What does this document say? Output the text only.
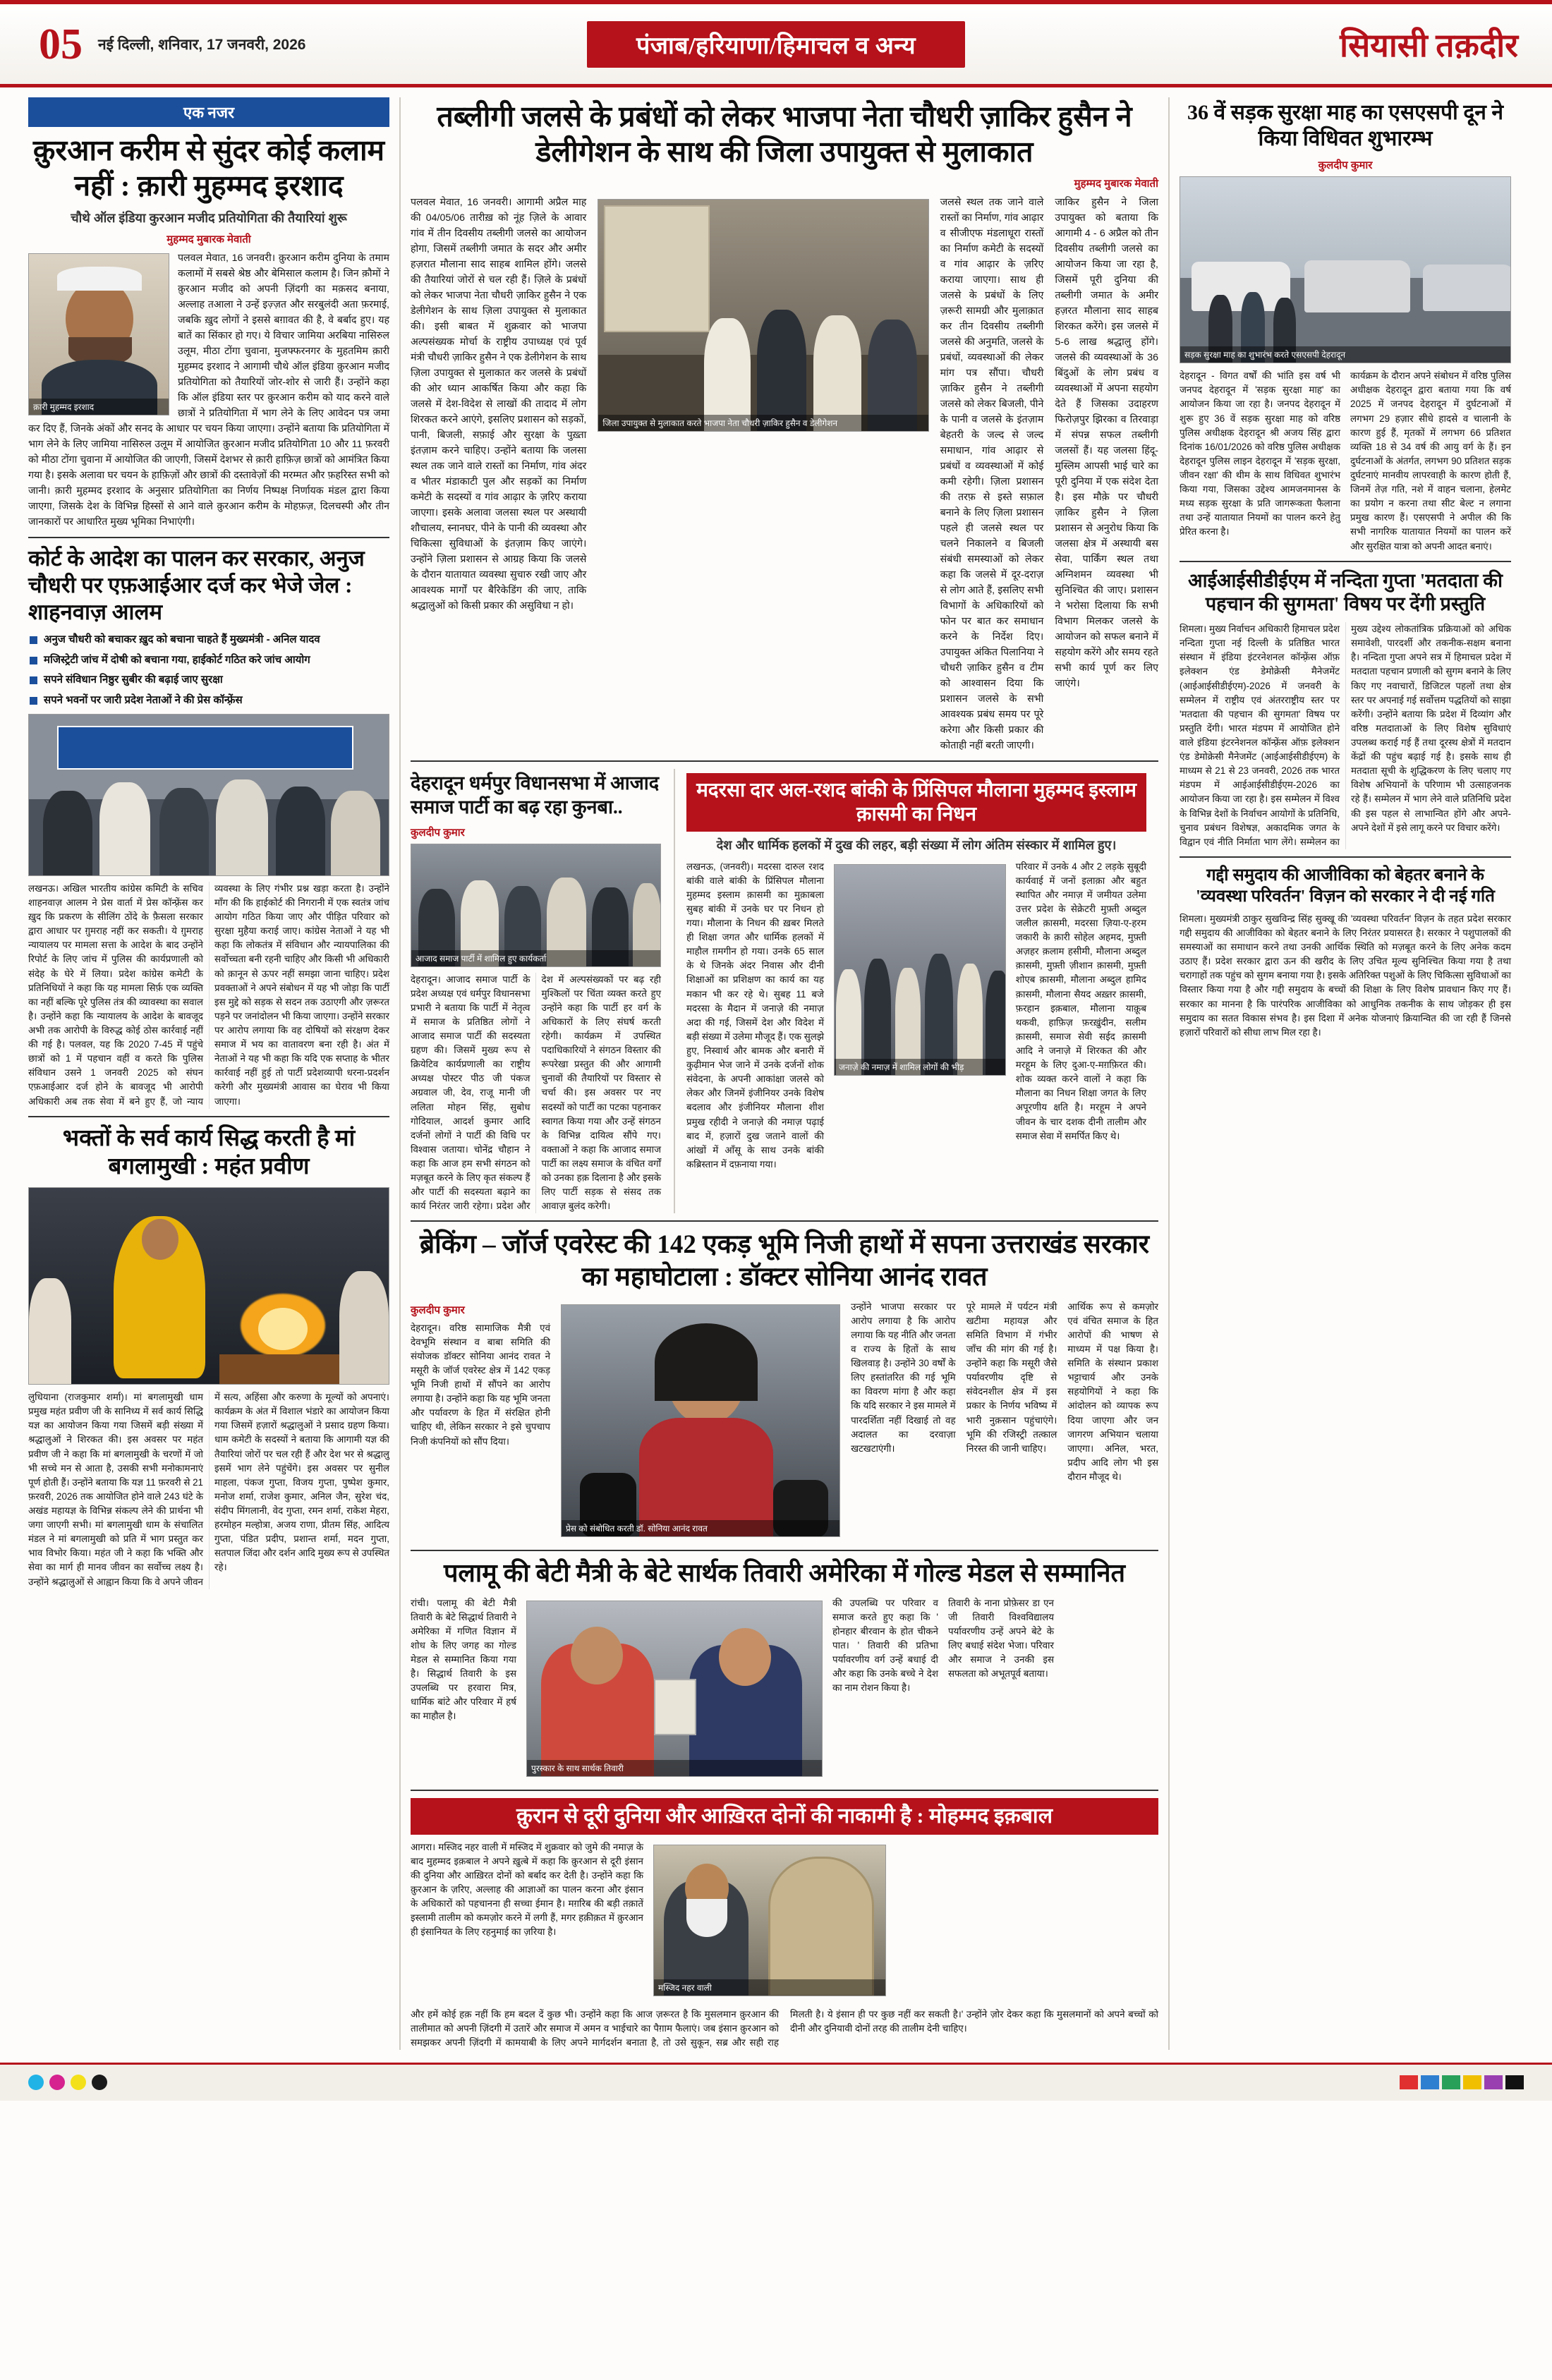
05 नई दिल्ली, शनिवार, 17 जनवरी, 2026	पंजाब/हरियाणा/हिमाचल व अन्य	सियासी तक़दीर
एक नजर
क़ुरआन करीम से सुंदर कोई कलाम नहीं : क़ारी मुहम्मद इरशाद
चौथे ऑल इंडिया कुरआन मजीद प्रतियोगिता की तैयारियां शुरू
मुहम्मद मुबारक मेवाती
क़ारी मुहम्मद इरशाद
पलवल मेवात, 16 जनवरी। क़ुरआन करीम दुनिया के तमाम कलामों में सबसे श्रेष्ठ और बेमिसाल कलाम है। जिन क़ौमों ने क़ुरआन मजीद को अपनी ज़िंदगी का मक़सद बनाया, अल्लाह तआला ने उन्हें इज़्ज़त और सरबुलंदी अता फ़रमाई, जबकि ख़ुद लोगों ने इससे बग़ावत की है, वे बर्बाद हुए। यह बातें का सिंकार हो गए। ये विचार जामिया अरबिया नासिरुल उलूम, मीठा टोंगा चुवाना, मुजफ्फरनगर के मुहतमिम क़ारी मुहम्मद इरशाद ने आगामी चौथे ऑल इंडिया क़ुरआन मजीद प्रतियोगिता को तैयारियों जोर-शोर से जारी हैं। उन्होंने कहा कि ऑल इंडिया स्तर पर क़ुरआन करीम को याद करने वाले छात्रों ने प्रतियोगिता में भाग लेने के लिए आवेदन पत्र जमा कर दिए हैं, जिनके अंकों और सनद के आधार पर चयन किया जाएगा। उन्होंने बताया कि प्रतियोगिता में भाग लेने के लिए जामिया नासिरुल उलूम में आयोजित क़ुरआन मजीद प्रतियोगिता 10 और 11 फ़रवरी को मीठा टोंगा चुवाना में आयोजित की जाएगी, जिसमें देशभर से क़ारी हाफ़िज़ छात्रों को आमंत्रित किया गया है। इसके अलावा घर चयन के हाफ़िज़ों और छात्रों की दस्तावेज़ों की मरम्मत और फ़हरिस्त सभी को जानी। क़ारी मुहम्मद इरशाद के अनुसार प्रतियोगिता का निर्णय निष्पक्ष निर्णायक मंडल द्वारा किया जाएगा, जिसके देश के विभिन्न हिस्सों से आने वाले क़ुरआन करीम के मोहफ़ज़, दिलचस्पी और तीन जानकारों पर आधारित मुख्य भूमिका निभाएंगी।
कोर्ट के आदेश का पालन कर सरकार, अनुज चौधरी पर एफ़आईआर दर्ज कर भेजे जेल : शाहनवाज़ आलम
अनुज चौधरी को बचाकर ख़ुद को बचाना चाहते हैं मुख्यमंत्री - अनिल यादव
मजिस्ट्रेटी जांच में दोषी को बचाना गया, हाईकोर्ट गठित करे जांच आयोग
सपने संविधान निष्ठुर सुबीर की बढ़ाई जाए सुरक्षा
सपने भवनों पर जारी प्रदेश नेताओं ने की प्रेस कॉन्फ़्रेंस
लखनऊ। अखिल भारतीय कांग्रेस कमिटी के सचिव शाहनवाज़ आलम ने प्रेस वार्ता में प्रेस कॉन्फ़्रेंस कर ख़ुद कि प्रकरण के सीलिंग ठोंदे के फ़ैसला सरकार द्वारा आधार पर ग़ुमराह नहीं कर सकती। ये ग़ुमराह न्यायालय पर मामला सत्ता के आदेश के बाद उन्होंने रिपोर्ट के लिए जांच में पुलिस की कार्यप्रणाली को संदेह के घेरे में लिया। प्रदेश कांग्रेस कमेटी के प्रतिनिधियों ने कहा कि यह मामला सिर्फ़ एक व्यक्ति का नहीं बल्कि पूरे पुलिस तंत्र की व्यावस्था का सवाल है। उन्होंने कहा कि न्यायालय के आदेश के बावजूद अभी तक आरोपी के विरुद्ध कोई ठोस कार्रवाई नहीं की गई है। पलवल, यह कि 2020 7-45 में पहुंचे छात्रों को 1 में पहचान वहीं व करते कि पुलिस संविधान उसने 1 जनवरी 2025 को संघन एफ़आईआर दर्ज होने के बावजूद भी आरोपी अधिकारी अब तक सेवा में बने हुए हैं, जो न्याय व्यवस्था के लिए गंभीर प्रश्न खड़ा करता है। उन्होंने माँग की कि हाईकोर्ट की निगरानी में एक स्वतंत्र जांच आयोग गठित किया जाए और पीड़ित परिवार को सुरक्षा मुहैया कराई जाए। कांग्रेस नेताओं ने यह भी कहा कि लोकतंत्र में संविधान और न्यायपालिका की सर्वोच्चता बनी रहनी चाहिए और किसी भी अधिकारी को क़ानून से ऊपर नहीं समझा जाना चाहिए। प्रदेश प्रवक्ताओं ने अपने संबोधन में यह भी जोड़ा कि पार्टी इस मुद्दे को सड़क से सदन तक उठाएगी और ज़रूरत पड़ने पर जनांदोलन भी किया जाएगा। उन्होंने सरकार पर आरोप लगाया कि वह दोषियों को संरक्षण देकर समाज में भय का वातावरण बना रही है। अंत में नेताओं ने यह भी कहा कि यदि एक सप्ताह के भीतर कार्रवाई नहीं हुई तो पार्टी प्रदेशव्यापी धरना-प्रदर्शन करेगी और मुख्यमंत्री आवास का घेराव भी किया जाएगा।
भक्तों के सर्व कार्य सिद्ध करती है मां बगलामुखी : महंत प्रवीण
लुधियाना (राजकुमार शर्मा)। मां बगलामुखी धाम प्रमुख महंत प्रवीण जी के सानिध्य में सर्व कार्य सिद्धि यज्ञ का आयोजन किया गया जिसमें बड़ी संख्या में श्रद्धालुओं ने शिरकत की। इस अवसर पर महंत प्रवीण जी ने कहा कि मां बगलामुखी के चरणों में जो भी सच्चे मन से आता है, उसकी सभी मनोकामनाएं पूर्ण होती हैं। उन्होंने बताया कि यज्ञ 11 फ़रवरी से 21 फ़रवरी, 2026 तक आयोजित होने वाले 243 घंटे के अखंड महायज्ञ के विभिन्न संकल्प लेने की प्रार्थना भी जगा जाएगी सभी। मां बगलामुखी धाम के संचालित मंडल ने मां बगलामुखी को प्रति में भाग प्रस्तुत कर भाव विभोर किया। महंत जी ने कहा कि भक्ति और सेवा का मार्ग ही मानव जीवन का सर्वोच्च लक्ष्य है। उन्होंने श्रद्धालुओं से आह्वान किया कि वे अपने जीवन में सत्य, अहिंसा और करुणा के मूल्यों को अपनाएं। कार्यक्रम के अंत में विशाल भंडारे का आयोजन किया गया जिसमें हज़ारों श्रद्धालुओं ने प्रसाद ग्रहण किया। धाम कमेटी के सदस्यों ने बताया कि आगामी यज्ञ की तैयारियां जोरों पर चल रही हैं और देश भर से श्रद्धालु इसमें भाग लेने पहुंचेंगे। इस अवसर पर सुनील माहला, पंकज गुप्ता, विजय गुप्ता, पुष्पेश कुमार, मनोज शर्मा, राजेश कुमार, अनिल जैन, सुरेश चंद, संदीप मिंगलानी, वेद गुप्ता, रमन शर्मा, राकेश मेहरा, हरमोहन मल्होत्रा, अजय राणा, प्रीतम सिंह, आदित्य गुप्ता, पंडित प्रदीप, प्रशान्त शर्मा, मदन गुप्ता, सतपाल जिंदा और दर्शन आदि मुख्य रूप से उपस्थित रहे।
तब्लीगी जलसे के प्रबंधों को लेकर भाजपा नेता चौधरी ज़ाकिर हुसैन ने डेलीगेशन के साथ की जिला उपायुक्त से मुलाकात
मुहम्मद मुबारक मेवाती
पलवल मेवात, 16 जनवरी। आगामी अप्रैल माह की 04/05/06 तारीख़ को नूंह ज़िले के आवार गांव में तीन दिवसीय तब्लीगी जलसे का आयोजन होगा, जिसमें तब्लीगी जमात के सदर और अमीर हज़रात मौलाना साद साहब शामिल होंगे। जलसे की तैयारियां जोरों से चल रही हैं। ज़िले के प्रबंधों को लेकर भाजपा नेता चौधरी ज़ाकिर हुसैन ने एक डेलीगेशन के साथ ज़िला उपायुक्त से मुलाकात की। इसी बाबत में शुक्रवार को भाजपा अल्पसंख्यक मोर्चा के राष्ट्रीय उपाध्यक्ष एवं पूर्व मंत्री चौधरी ज़ाकिर हुसैन ने एक डेलीगेशन के साथ ज़िला उपायुक्त से मुलाकात कर जलसे के प्रबंधों की ओर ध्यान आकर्षित किया और कहा कि जलसे में देश-विदेश से लाखों की तादाद में लोग शिरकत करने आएंगे, इसलिए प्रशासन को सड़कों, पानी, बिजली, सफ़ाई और सुरक्षा के पुख़्ता इंतज़ाम करने चाहिए। उन्होंने बताया कि जलसा स्थल तक जाने वाले रास्तों का निर्माण, गांव अंदर व भीतर मंडाकाटी पुल और सड़कों का निर्माण कमेटी के सदस्यों व गांव आढ़ार के ज़रिए कराया जाएगा। इसके अलावा जलसा स्थल पर अस्थायी शौचालय, स्नानघर, पीने के पानी की व्यवस्था और चिकित्सा सुविधाओं के इंतज़ाम किए जाएंगे। उन्होंने ज़िला प्रशासन से आग्रह किया कि जलसे के दौरान यातायात व्यवस्था सुचारु रखी जाए और आवश्यक मार्गों पर बैरिकेडिंग की जाए, ताकि श्रद्धालुओं को किसी प्रकार की असुविधा न हो।
जिला उपायुक्त से मुलाकात करते भाजपा नेता चौधरी ज़ाकिर हुसैन व डेलीगेशन
जलसे स्थल तक जाने वाले रास्तों का निर्माण, गांव आढ़ार व सीजीएफ मंडलाधूरा रास्तों का निर्माण कमेटी के सदस्यों व गांव आढ़ार के ज़रिए कराया जाएगा। साथ ही जलसे के प्रबंधों के लिए ज़रूरी सामग्री और मुलाक़ात कर तीन दिवसीय तब्लीगी जलसे की अनुमति, जलसे के प्रबंधों, व्यवस्थाओं की लेकर मांग पत्र सौंपा। चौधरी ज़ाकिर हुसैन ने तब्लीगी जलसे को लेकर बिजली, पीने के पानी व जलसे के इंतज़ाम बेहतरी के जल्द से जल्द समाधान, गांव आढ़ार से प्रबंधों व व्यवस्थाओं में कोई कमी रहेगी। ज़िला प्रशासन की तरफ़ से इस्ते सफ़ाल बनाने के लिए ज़िला प्रशासन पहले ही जलसे स्थल पर चलने निकालने व बिजली संबंधी समस्याओं को लेकर कहा कि जलसे में दूर-दराज़ से लोग आते हैं, इसलिए सभी विभागों के अधिकारियों को फोन पर बात कर समाधान करने के निर्देश दिए। उपायुक्त अंकित पिलानिया ने चौधरी ज़ाकिर हुसैन व टीम को आश्वासन दिया कि प्रशासन जलसे के सभी आवश्यक प्रबंध समय पर पूरे करेगा और किसी प्रकार की कोताही नहीं बरती जाएगी।
जाकिर हुसैन ने जिला उपायुक्त को बताया कि आगामी 4 - 6 अप्रैल को तीन दिवसीय तब्लीगी जलसे का आयोजन किया जा रहा है, जिसमें पूरी दुनिया की तब्लीगी जमात के अमीर हज़रत मौलाना साद साहब शिरकत करेंगे। इस जलसे में 5-6 लाख श्रद्धालु होंगे। जलसे की व्यवस्थाओं के 36 बिंदुओं के लोग प्रबंध व व्यवस्थाओं में अपना सहयोग देते हैं जिसका उदाहरण फिरोज़पुर झिरका व तिरवाड़ा में संपन्न सफल तब्लीगी जलसों हैं। यह जलसा हिंदू-मुस्लिम आपसी भाई चारे का पूरी दुनिया में एक संदेश देता है। इस मौक़े पर चौधरी ज़ाकिर हुसैन ने ज़िला प्रशासन से अनुरोध किया कि जलसा क्षेत्र में अस्थायी बस सेवा, पार्किंग स्थल तथा अग्निशमन व्यवस्था भी सुनिश्चित की जाए। प्रशासन ने भरोसा दिलाया कि सभी विभाग मिलकर जलसे के आयोजन को सफल बनाने में सहयोग करेंगे और समय रहते सभी कार्य पूर्ण कर लिए जाएंगे।
देहरादून धर्मपुर विधानसभा में आजाद समाज पार्टी का बढ़ रहा कुनबा..
कुलदीप कुमार
आजाद समाज पार्टी में शामिल हुए कार्यकर्ता
देहरादून। आजाद समाज पार्टी के प्रदेश अध्यक्ष एवं धर्मपुर विधानसभा प्रभारी ने बताया कि पार्टी में नेतृत्व में समाज के प्रतिष्ठित लोगों ने आजाद समाज पार्टी की सदस्यता ग्रहण की। जिसमें मुख्य रूप से क्रियेटिव कार्यप्रणाली का राष्ट्रीय अध्यक्ष पोस्टर पीठ जी पंकज अग्रवाल जी, देव, राजू मानी जी ललिता मोहन सिंह, सुबोध गोदियाल, आदर्श कुमार आदि दर्जनों लोगों ने पार्टी की विधि पर विश्वास जताया। चोनेंद्र चौहान ने कहा कि आज हम सभी संगठन को मज़बूत करने के लिए कृत संकल्प हैं और पार्टी की सदस्यता बढ़ाने का कार्य निरंतर जारी रहेगा। प्रदेश और देश में अल्पसंख्यकों पर बढ़ रही मुश्किलों पर चिंता व्यक्त करते हुए उन्होंने कहा कि पार्टी हर वर्ग के अधिकारों के लिए संघर्ष करती रहेगी। कार्यक्रम में उपस्थित पदाधिकारियों ने संगठन विस्तार की रूपरेखा प्रस्तुत की और आगामी चुनावों की तैयारियों पर विस्तार से चर्चा की। इस अवसर पर नए सदस्यों को पार्टी का पटका पहनाकर स्वागत किया गया और उन्हें संगठन के विभिन्न दायित्व सौंपे गए। वक्ताओं ने कहा कि आजाद समाज पार्टी का लक्ष्य समाज के वंचित वर्गों को उनका हक़ दिलाना है और इसके लिए पार्टी सड़क से संसद तक आवाज़ बुलंद करेगी।
मदरसा दार अल-रशद बांकी के प्रिंसिपल मौलाना मुहम्मद इस्लाम क़ासमी का निधन
देश और धार्मिक हलकों में दुख की लहर, बड़ी संख्या में लोग अंतिम संस्कार में शामिल हुए।
लखनऊ, (जनवरी)। मदरसा दारुल रशद बांकी वाले बांकी के प्रिंसिपल मौलाना मुहम्मद इस्लाम क़ासमी का मुक़ाबला सुबह बांकी में उनके घर पर निधन हो गया। मौलाना के निधन की ख़बर मिलते ही शिक्षा जगत और धार्मिक हलकों में माहौल ग़मगीन हो गया। उनके 65 साल के थे जिनके अंदर निवास और दीनी शिक्षाओं का प्रशिक्षण का कार्य का यह मकान भी कर रहे थे। सुबह 11 बजे मदरसा के मैदान में जनाज़े की नमाज़ अदा की गई, जिसमें देश और विदेश में बड़ी संख्या में उलेमा मौजूद हैं। एक सुलझे हुए, निस्वार्थ और बामक और बनारी में कुढ़ीमान भेज जाने में उनके दर्जनों शोक संवेदना, के अपनी आकांक्षा जलसे को लेकर और जिनमें इंजीनियर उनके विशेष बदलाव और इंजीनियर मौलाना शीश प्रमुख रहीदी ने जनाज़े की नमाज़ पढ़ाई बाद में, हज़ारों दुख जताने वालों की आंखों में आँसू के साथ उनके बांकी कब्रिस्तान में दफ़नाया गया।
जनाज़े की नमाज़ में शामिल लोगों की भीड़
परिवार में उनके 4 और 2 लड़के सुबूदी कार्यवाई में जनों इलाक़ा और बहुत स्थापित और नमाज़ में जमीयत उलेमा उत्तर प्रदेश के सेक्रेटरी मुफ़्ती अब्दुल जलील क़ासमी, मदरसा ज़िया-ए-हरम जकारी के क़ारी सोहेल अहमद, मुफ़्ती अज़हर क़लाम हसीमी, मौलाना अब्दुल क़ासमी, मुफ़्ती ज़ीशान क़ासमी, मुफ़्ती शोएब क़ासमी, मौलाना अब्दुल हामिद क़ासमी, मौलाना सैयद अख़्तर क़ासमी, फ़रहान इक़बाल, मौलाना याक़ूब थकवी, हाफ़िज़ फ़रख़ुंदीन, सलीम क़ासमी, समाज सेवी सईद क़ासमी आदि ने जनाज़े में शिरकत की और मरहूम के लिए दुआ-ए-मग़फ़िरत की। शोक व्यक्त करने वालों ने कहा कि मौलाना का निधन शिक्षा जगत के लिए अपूरणीय क्षति है। मरहूम ने अपने जीवन के चार दशक दीनी तालीम और समाज सेवा में समर्पित किए थे।
ब्रेकिंग – जॉर्ज एवरेस्ट की 142 एकड़ भूमि निजी हाथों में सपना उत्तराखंड सरकार का महाघोटाला : डॉक्टर सोनिया आनंद रावत
कुलदीप कुमार
देहरादून। वरिष्ठ सामाजिक मैत्री एवं देवभूमि संस्थान व बाबा समिति की संयोजक डॉक्टर सोनिया आनंद रावत ने मसूरी के जॉर्ज एवरेस्ट क्षेत्र में 142 एकड़ भूमि निजी हाथों में सौंपने का आरोप लगाया है। उन्होंने कहा कि यह भूमि जनता और पर्यावरण के हित में संरक्षित होनी चाहिए थी, लेकिन सरकार ने इसे चुपचाप निजी कंपनियों को सौंप दिया।
प्रेस को संबोधित करती डॉ. सोनिया आनंद रावत
उन्होंने भाजपा सरकार पर आरोप लगाया है कि आरोप लगाया कि यह नीति और जनता व राज्य के हितों के साथ खिलवाड़ है। उन्होंने 30 वर्षों के लिए हस्तांतरित की गई भूमि का विवरण मांगा है और कहा कि यदि सरकार ने इस मामले में पारदर्शिता नहीं दिखाई तो वह अदालत का दरवाज़ा खटखटाएंगी।
पूरे मामले में पर्यटन मंत्री खटीमा महायज्ञ और समिति विभाग में गंभीर जाँच की मांग की गई है। उन्होंने कहा कि मसूरी जैसे पर्यावरणीय दृष्टि से संवेदनशील क्षेत्र में इस प्रकार के निर्णय भविष्य में भारी नुक़सान पहुंचाएंगे। भूमि की रजिस्ट्री तत्काल निरस्त की जानी चाहिए।
आर्थिक रूप से कमज़ोर एवं वंचित समाज के हित आरोपों की भाषण से माध्यम में पक्ष किया है। समिति के संस्थान प्रकाश भट्टाचार्य और उनके सहयोगियों ने कहा कि आंदोलन को व्यापक रूप दिया जाएगा और जन जागरण अभियान चलाया जाएगा। अनिल, भरत, प्रदीप आदि लोग भी इस दौरान मौजूद थे।
पलामू की बेटी मैत्री के बेटे सार्थक तिवारी अमेरिका में गोल्ड मेडल से सम्मानित
रांची। पलामू की बेटी मैत्री तिवारी के बेटे सिद्धार्थ तिवारी ने अमेरिका में गणित विज्ञान में शोध के लिए जगह का गोल्ड मेडल से सम्मानित किया गया है। सिद्धार्थ तिवारी के इस उपलब्धि पर हरवारा मित्र, धार्मिक बांटे और परिवार में हर्ष का माहौल है।
पुरस्कार के साथ सार्थक तिवारी
की उपलब्धि पर परिवार व समाज करते हुए कहा कि ' होनहार बीरवान के होत चीकने पात। ' तिवारी की प्रतिभा पर्यावरणीय वर्ग उन्हें बधाई दी और कहा कि उनके बच्चे ने देश का नाम रोशन किया है।
तिवारी के नाना प्रोफ़ेसर डा एन जी तिवारी विश्वविद्यालय पर्यावरणीय उन्हें अपने बेटे के लिए बधाई संदेश भेजा। परिवार और समाज ने उनकी इस सफलता को अभूतपूर्व बताया।
क़ुरान से दूरी दुनिया और आख़िरत दोनों की नाकामी है : मोहम्मद इक़बाल
आगरा। मस्जिद नहर वाली में मस्जिद में शुक्रवार को जुमे की नमाज़ के बाद मुहम्मद इक़बाल ने अपने ख़ुत्बे में कहा कि क़ुरआन से दूरी इंसान की दुनिया और आख़िरत दोनों को बर्बाद कर देती है। उन्होंने कहा कि क़ुरआन के ज़रिए, अल्लाह की आज्ञाओं का पालन करना और इंसान के अधिकारों को पहचानना ही सच्चा ईमान है। मग़रिब की बड़ी तक़ातें इस्लामी तालीम को कमज़ोर करने में लगी हैं, मगर हक़ीक़त में क़ुरआन ही इंसानियत के लिए रहनुमाई का ज़रिया है।
मस्जिद नहर वाली
और हमें कोई हक़ नहीं कि हम बदल दें कुछ भी। उन्होंने कहा कि आज ज़रूरत है कि मुसलमान क़ुरआन की तालीमात को अपनी ज़िंदगी में उतारें और समाज में अमन व भाईचारे का पैग़ाम फैलाएं। जब इंसान क़ुरआन को समझकर अपनी ज़िंदगी में कामयाबी के लिए अपने मार्गदर्शन बनाता है, तो उसे सुकून, सब्र और सही राह मिलती है। ये इंसान ही पर कुछ नहीं कर सकती है।' उन्होंने ज़ोर देकर कहा कि मुसलमानों को अपने बच्चों को दीनी और दुनियावी दोनों तरह की तालीम देनी चाहिए।
36 वें सड़क सुरक्षा माह का एसएसपी दून ने किया विधिवत शुभारम्भ
कुलदीप कुमार
सड़क सुरक्षा माह का शुभारंभ करते एसएसपी देहरादून
देहरादून - विगत वर्षों की भांति इस वर्ष भी जनपद देहरादून में 'सड़क सुरक्षा माह' का आयोजन किया जा रहा है। जनपद देहरादून में शुरू हुए 36 वें सड़क सुरक्षा माह को वरिष्ठ पुलिस अधीक्षक देहरादून श्री अजय सिंह द्वारा दिनांक 16/01/2026 को वरिष्ठ पुलिस अधीक्षक देहरादून पुलिस लाइन देहरादून में 'सड़क सुरक्षा, जीवन रक्षा' की थीम के साथ विधिवत शुभारंभ किया गया, जिसका उद्देश्य आमजनमानस के मध्य सड़क सुरक्षा के प्रति जागरूकता फैलाना तथा उन्हें यातायात नियमों का पालन करने हेतु प्रेरित करना है।
कार्यक्रम के दौरान अपने संबोधन में वरिष्ठ पुलिस अधीक्षक देहरादून द्वारा बताया गया कि वर्ष 2025 में जनपद देहरादून में दुर्घटनाओं में लगभग 29 हज़ार सीधे हादसे व चालानी के कारण हुई हैं, मृतकों में लगभग 66 प्रतिशत व्यक्ति 18 से 34 वर्ष की आयु वर्ग के हैं। इन दुर्घटनाओं के अंतर्गत, लगभग 90 प्रतिशत सड़क दुर्घटनाएं मानवीय लापरवाही के कारण होती हैं, जिनमें तेज़ गति, नशे में वाहन चलाना, हेलमेट का प्रयोग न करना तथा सीट बेल्ट न लगाना प्रमुख कारण हैं। एसएसपी ने अपील की कि सभी नागरिक यातायात नियमों का पालन करें और सुरक्षित यात्रा को अपनी आदत बनाएं।
आईआईसीडीईएम में नन्दिता गुप्ता 'मतदाता की पहचान की सुगमता' विषय पर देंगी प्रस्तुति
शिमला। मुख्य निर्वाचन अधिकारी हिमाचल प्रदेश नन्दिता गुप्ता नई दिल्ली के प्रतिष्ठित भारत संस्थान में इंडिया इंटरनेशनल कॉन्फ़्रेंस ऑफ़ इलेक्शन एंड डेमोक्रेसी मैनेजमेंट (आईआईसीडीईएम)-2026 में जनवरी के सम्मेलन में राष्ट्रीय एवं अंतरराष्ट्रीय स्तर पर 'मतदाता की पहचान की सुगमता' विषय पर प्रस्तुति देंगी। भारत मंडपम में आयोजित होने वाले इंडिया इंटरनेशनल कॉन्फ़्रेंस ऑफ़ इलेक्शन एंड डेमोक्रेसी मैनेजमेंट (आईआईसीडीईएम) के माध्यम से 21 से 23 जनवरी, 2026 तक भारत मंडपम में आईआईसीडीईएम-2026 का आयोजन किया जा रहा है। इस सम्मेलन में विश्व के विभिन्न देशों के निर्वाचन आयोगों के प्रतिनिधि, चुनाव प्रबंधन विशेषज्ञ, अकादमिक जगत के विद्वान एवं नीति निर्माता भाग लेंगे। सम्मेलन का मुख्य उद्देश्य लोकतांत्रिक प्रक्रियाओं को अधिक समावेशी, पारदर्शी और तकनीक-सक्षम बनाना है। नन्दिता गुप्ता अपने सत्र में हिमाचल प्रदेश में मतदाता पहचान प्रणाली को सुगम बनाने के लिए किए गए नवाचारों, डिजिटल पहलों तथा क्षेत्र स्तर पर अपनाई गई सर्वोत्तम पद्धतियों को साझा करेंगी। उन्होंने बताया कि प्रदेश में दिव्यांग और वरिष्ठ मतदाताओं के लिए विशेष सुविधाएं उपलब्ध कराई गई हैं तथा दूरस्थ क्षेत्रों में मतदान केंद्रों की पहुंच बढ़ाई गई है। इसके साथ ही मतदाता सूची के शुद्धिकरण के लिए चलाए गए विशेष अभियानों के परिणाम भी उत्साहजनक रहे हैं। सम्मेलन में भाग लेने वाले प्रतिनिधि प्रदेश की इस पहल से लाभान्वित होंगे और अपने-अपने देशों में इसे लागू करने पर विचार करेंगे।
गद्दी समुदाय की आजीविका को बेहतर बनाने के 'व्यवस्था परिवर्तन' विज़न को सरकार ने दी नई गति
शिमला। मुख्यमंत्री ठाकुर सुखविन्द्र सिंह सुक्खू की 'व्यवस्था परिवर्तन' विज़न के तहत प्रदेश सरकार गद्दी समुदाय की आजीविका को बेहतर बनाने के लिए निरंतर प्रयासरत है। सरकार ने पशुपालकों की समस्याओं का समाधान करने तथा उनकी आर्थिक स्थिति को मज़बूत करने के लिए अनेक कदम उठाए हैं। प्रदेश सरकार द्वारा ऊन की खरीद के लिए उचित मूल्य सुनिश्चित किया गया है तथा चरागाहों तक पहुंच को सुगम बनाया गया है। इसके अतिरिक्त पशुओं के लिए चिकित्सा सुविधाओं का विस्तार किया गया है और गद्दी समुदाय के बच्चों की शिक्षा के लिए विशेष प्रावधान किए गए हैं। सरकार का मानना है कि पारंपरिक आजीविका को आधुनिक तकनीक के साथ जोड़कर ही इस समुदाय का सतत विकास संभव है। इस दिशा में अनेक योजनाएं क्रियान्वित की जा रही हैं जिनसे हज़ारों परिवारों को सीधा लाभ मिल रहा है।
